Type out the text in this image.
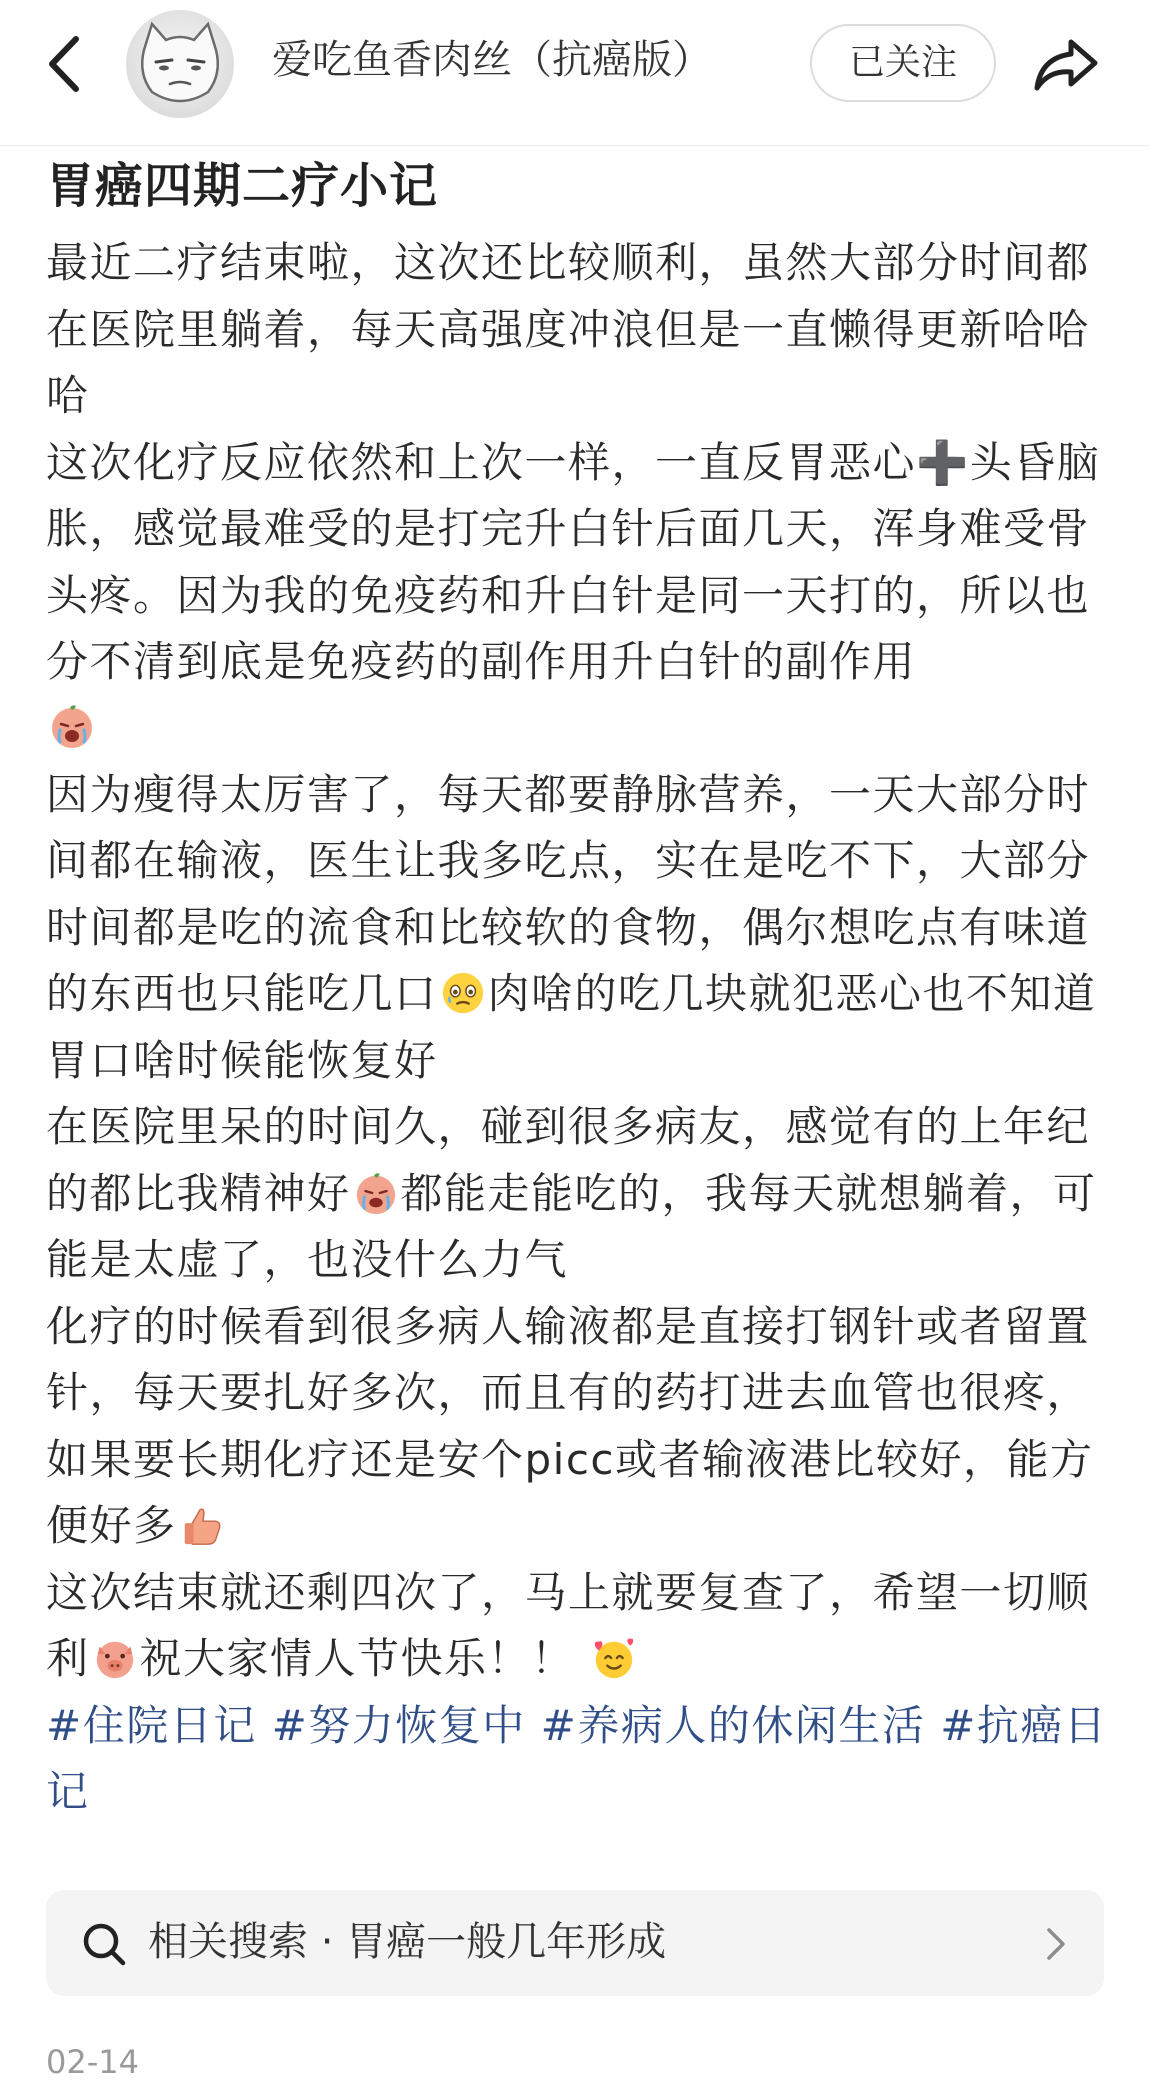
爱吃鱼香肉丝（抗癌版）	已关注
胃癌四期二疗小记

最近二疗结束啦，这次还比较顺利，虽然大部分时间都在医院里躺着，每天高强度冲浪但是一直懒得更新哈哈哈

这次化疗反应依然和上次一样，一直反胃恶心➕头昏脑胀，感觉最难受的是打完升白针后面几天，浑身难受骨头疼。因为我的免疫药和升白针是同一天打的，所以也分不清到底是免疫药的副作用升白针的副作用

因为瘦得太厉害了，每天都要静脉营养，一天大部分时间都在输液，医生让我多吃点，实在是吃不下，大部分时间都是吃的流食和比较软的食物，偶尔想吃点有味道的东西也只能吃几口 肉啥的吃几块就犯恶心也不知道胃口啥时候能恢复好

在医院里呆的时间久，碰到很多病友，感觉有的上年纪的都比我精神好 都能走能吃的，我每天就想躺着，可能是太虚了，也没什么力气

化疗的时候看到很多病人输液都是直接打钢针或者留置针，每天要扎好多次，而且有的药打进去血管也很疼，如果要长期化疗还是安个picc或者输液港比较好，能方便好多

这次结束就还剩四次了，马上就要复查了，希望一切顺利 祝大家情人节快乐！！

#住院日记 #努力恢复中 #养病人的休闲生活 #抗癌日记

相关搜索 · 胃癌一般几年形成
02-14
